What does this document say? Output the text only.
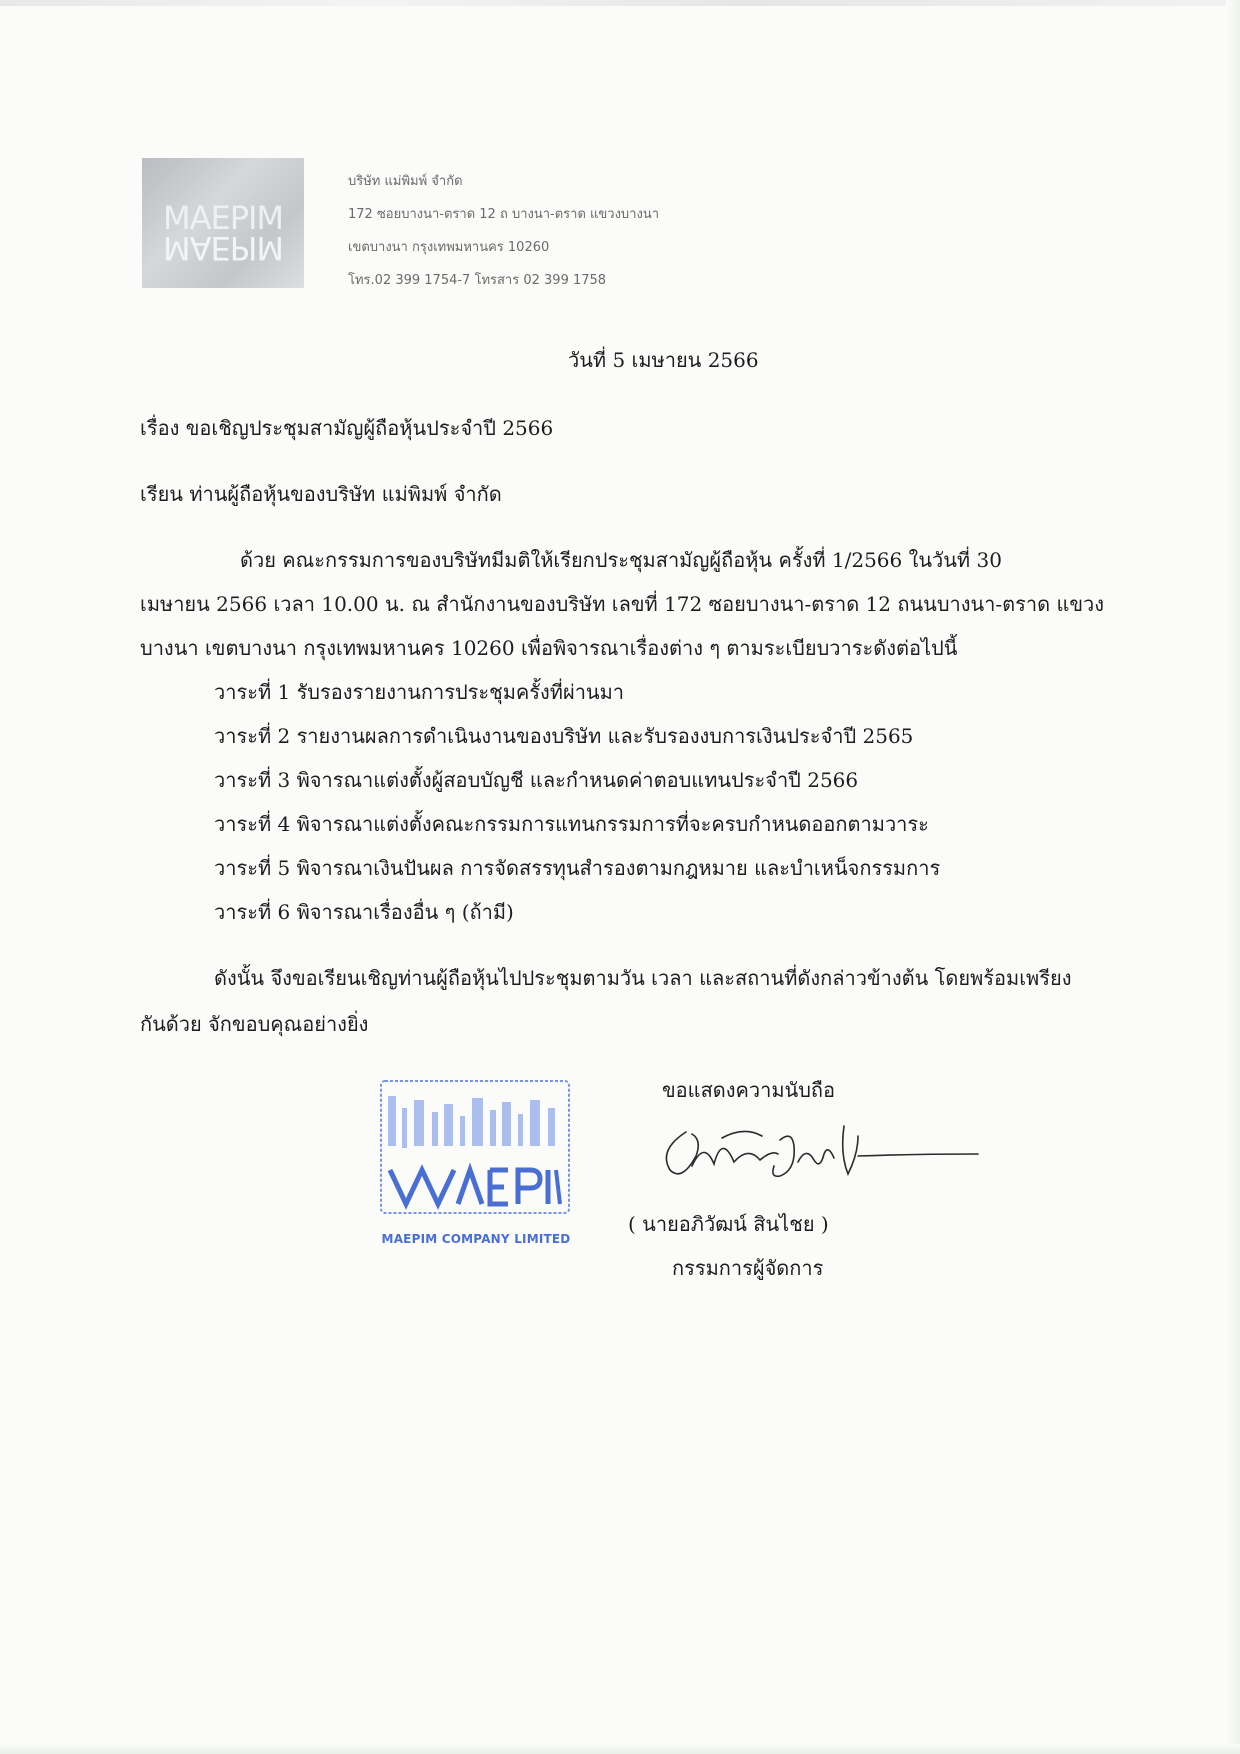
MAEPIM
MAEPIM
บริษัท แม่พิมพ์ จำกัด
172 ซอยบางนา-ตราด 12 ถ บางนา-ตราด แขวงบางนา
เขตบางนา กรุงเทพมหานคร 10260
โทร.02 399 1754-7 โทรสาร 02 399 1758
วันที่ 5 เมษายน 2566
เรื่อง ขอเชิญประชุมสามัญผู้ถือหุ้นประจำปี 2566
เรียน ท่านผู้ถือหุ้นของบริษัท แม่พิมพ์ จำกัด
ด้วย คณะกรรมการของบริษัทมีมติให้เรียกประชุมสามัญผู้ถือหุ้น ครั้งที่ 1/2566 ในวันที่ 30
เมษายน 2566 เวลา 10.00 น. ณ สำนักงานของบริษัท เลขที่ 172 ซอยบางนา-ตราด 12 ถนนบางนา-ตราด แขวง
บางนา เขตบางนา กรุงเทพมหานคร 10260 เพื่อพิจารณาเรื่องต่าง ๆ ตามระเบียบวาระดังต่อไปนี้
วาระที่ 1 รับรองรายงานการประชุมครั้งที่ผ่านมา
วาระที่ 2 รายงานผลการดำเนินงานของบริษัท และรับรองงบการเงินประจำปี 2565
วาระที่ 3 พิจารณาแต่งตั้งผู้สอบบัญชี และกำหนดค่าตอบแทนประจำปี 2566
วาระที่ 4 พิจารณาแต่งตั้งคณะกรรมการแทนกรรมการที่จะครบกำหนดออกตามวาระ
วาระที่ 5 พิจารณาเงินปันผล การจัดสรรทุนสำรองตามกฎหมาย และบำเหน็จกรรมการ
วาระที่ 6 พิจารณาเรื่องอื่น ๆ (ถ้ามี)
ดังนั้น จึงขอเรียนเชิญท่านผู้ถือหุ้นไปประชุมตามวัน เวลา และสถานที่ดังกล่าวข้างต้น โดยพร้อมเพรียง
กันด้วย จักขอบคุณอย่างยิ่ง
MAEPIM COMPANY LIMITED
ขอแสดงความนับถือ
( นายอภิวัฒน์ สินไชย )
กรรมการผู้จัดการ
